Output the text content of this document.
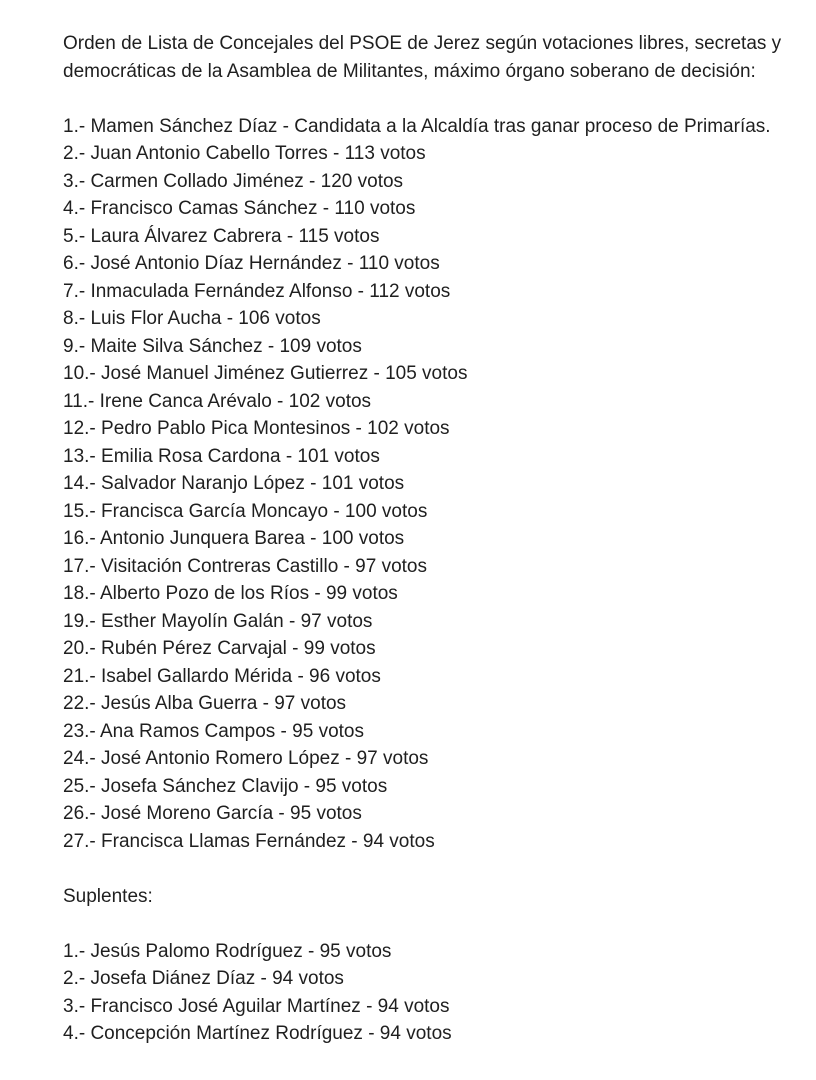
Orden de Lista de Concejales del PSOE de Jerez según votaciones libres, secretas y
democráticas de la Asamblea de Militantes, máximo órgano soberano de decisión:
1.- Mamen Sánchez Díaz - Candidata a la Alcaldía tras ganar proceso de Primarías.
2.- Juan Antonio Cabello Torres - 113 votos
3.- Carmen Collado Jiménez - 120 votos
4.- Francisco Camas Sánchez - 110 votos
5.- Laura Álvarez Cabrera - 115 votos
6.- José Antonio Díaz Hernández - 110 votos
7.- Inmaculada Fernández Alfonso - 112 votos
8.- Luis Flor Aucha - 106 votos
9.- Maite Silva Sánchez - 109 votos
10.- José Manuel Jiménez Gutierrez - 105 votos
11.- Irene Canca Arévalo - 102 votos
12.- Pedro Pablo Pica Montesinos - 102 votos
13.- Emilia Rosa Cardona - 101 votos
14.- Salvador Naranjo López - 101 votos
15.- Francisca García Moncayo - 100 votos
16.- Antonio Junquera Barea - 100 votos
17.- Visitación Contreras Castillo - 97 votos
18.- Alberto Pozo de los Ríos - 99 votos
19.- Esther Mayolín Galán - 97 votos
20.- Rubén Pérez Carvajal - 99 votos
21.- Isabel Gallardo Mérida - 96 votos
22.- Jesús Alba Guerra - 97 votos
23.- Ana Ramos Campos - 95 votos
24.- José Antonio Romero López - 97 votos
25.- Josefa Sánchez Clavijo - 95 votos
26.- José Moreno García - 95 votos
27.- Francisca Llamas Fernández - 94 votos
Suplentes:
1.- Jesús Palomo Rodríguez - 95 votos
2.- Josefa Diánez Díaz - 94 votos
3.- Francisco José Aguilar Martínez - 94 votos
4.- Concepción Martínez Rodríguez - 94 votos
